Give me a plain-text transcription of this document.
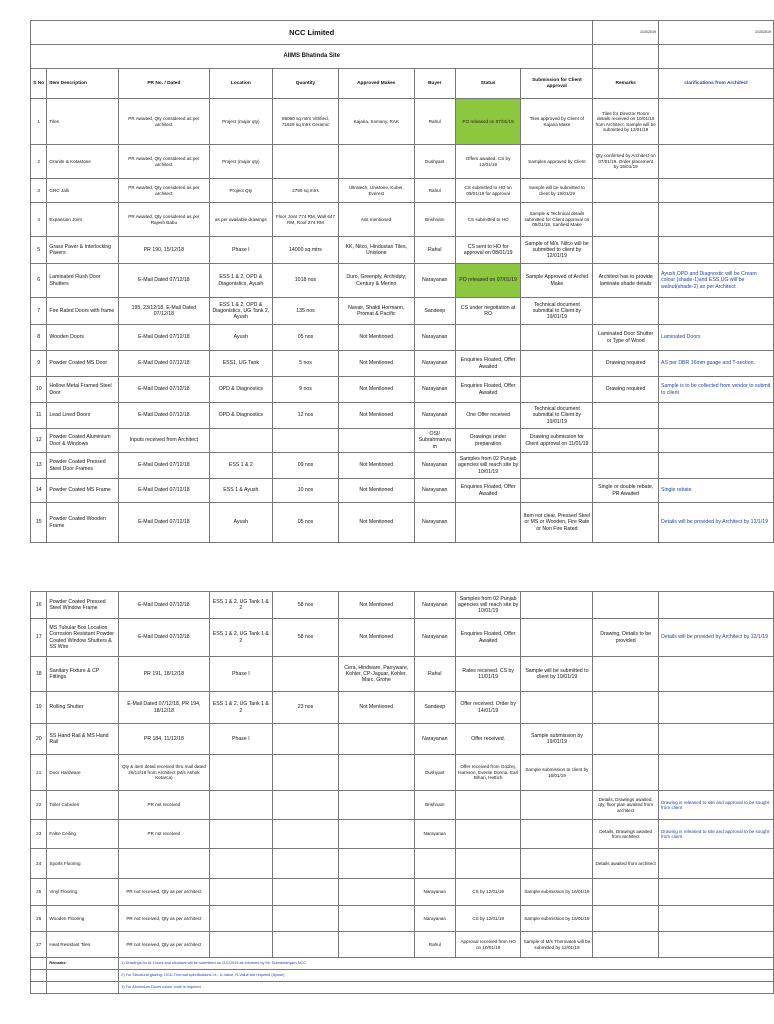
NCC Limited									1/10/2019	1/10/2019
AIIMS Bhatinda Site										
S No	Item Description	PR No. / Dated	Location	Quantity	Approved Makes	Buyer	Status	Submission for Client approval	Remarks	clarifications from Architect
1	Tiles	PR Awaited, Qty considered as per architect	Project (major qty)	86060 sq mtrs Vitrified, 71929 sq mtrs Ceramic	Kajaria, Somany, RAK	Rahul	PO released on 07/01/19	Tiles approved by Client of Kajaria Make	Tiles for Director Room details received on 10/01/19 from Architect. Sample will be submitted by 12/01/19	
2	Granite & Kotastone	PR Awaited, Qty considered as per architect	Project (major qty)			Dushyant	Offers awaited. CS by 12/01/19	Samples approved by Client	Qty confirmed by Architect on 07/01/19. Order placement by 15/01/19	
3	GRC Jalli	PR Awaited, Qty considered as per architect	Project Qty	2790 sq mtrs	Ultratech, Unistone, Kuber, Everest	Rahul	CS submitted to HO on 09/01/19 for approval	Sample will be submitted to client by 19/01/19		
4	Expansion Joint	PR Awaited, Qty considered as per Rajesh Babu	as per available drawings	Floor Joint 774 RM, Wall 647 RM, Roof 274 RM	Not mentioned	Brishnam	CS submitted to HO	Sample & Technical details submitted for Client approval on 05/01/19, Sanfield Make		
5	Grass Paver & Interlocking Pavers	PR 190, 15/12/18	Phase I	14000 sq mtrs	KK, Nitco, Hindustan Tiles, Unistone	Rahul	CS sent to HO for approval on 08/01/19	Sample of M/s. Nitco will be submitted to client by 12/01/19		
6	Laminated Flush Door Shutters	E-Mail Dated 07/12/18	ESS 1 & 2, OPD & Diagonistics, Ayush	1018 nos	Duro, Greenply, Archidply, Century & Merino	Narayanan	PO released on 07/01/19	Sample Approved of Archid Make	Architect has to provide laminate shade details	Ayush,OPD and Diagnostic will be Cream colour (shade-1)and ESS,UG will be walnut(shade-2) as per Architect
7	Fire Rated Doors with frame	195, 23/12/18, E-Mail Dated 07/12/18	ESS 1 & 2, OPD & Diagonistics, UG Tank 2, Ayush	135 nos	Navair, Shakti Hormann, Promat & Pacific	Sandeep	CS under negotiation at RO	Technical document submittal to Client by 19/01/19		
8	Wooden Doors	E-Mail Dated 07/12/18	Ayush	05 nos	Not Mentioned	Narayanan			Laminated Door Shutter or Type of Wood	Laminated Doors
9	Powder Coated MS Door	E-Mail Dated 07/12/18	ESS1, UG Tank	5 nos	Not Mentioned	Narayanan	Enquiries Floated, Offer Awaited		Drawing required	AS per DBR 16mm guage and T-section.
10	Hollow Metal Framed Steel Door	E-Mail Dated 07/12/18	OPD & Diagnostics	9 nos	Not Mentioned	Narayanan	Enquiries Floated, Offer Awaited		Drawing required	Sample is to be collected from vendor to submit to client
11	Lead Lined Doors	E-Mail Dated 07/12/18	OPD & Diagnostics	12 nos	Not Mentioned	Narayanan	One Offer received	Technical document submittal to Client by 19/01/19		
12	Powder Coated Aluminium Door & Windows	Inputs received from Architect				OSI/ Subrahmanyam	Drawings under preparation	Drawing submission for Client approval on 11/01/19		
13	Powder Coated Pressed Steel Door Frames	E-Mail Dated 07/12/18	ESS 1 & 2	09 nos	Not Mentioned	Narayanan	Samples from 02 Punjab agencies will reach site by 10/01/19			
14	Powder Coated MS Frame	E-Mail Dated 07/12/18	ESS 1 & Ayush	10 nos	Not Mentioned	Narayanan	Enquiries Floated, Offer Awaited		Single or double rebate, PR Awaited	Single rebate
15	Powder Coated Wooden Frame	E-Mail Dated 07/12/18	Ayush	05 nos	Not Mentioned	Narayanan		Item not clear, Pressed Steel or MS or Wooden, Fire Rate or Non Fire Rated		Details will be provided by Architect by 12/1/19
16	Powder Coated Pressed Steel Window Frame	E-Mail Dated 07/12/18	ESS 1 & 2, UG Tank 1 & 2	58 nos	Not Mentioned	Narayanan	Samples from 02 Punjab agencies will reach site by 10/01/19			
17	MS Tubular Box Location Corrosion Resistant Powder Coated Window Shutters & SS Wire	E-Mail Dated 07/12/18	ESS 1 & 2, UG Tank 1 & 2	58 nos	Not Mentioned	Narayanan	Enquiries Floated, Offer Awaited		Drawing, Details to be provided	Details will be provided by Architect by 12/1/19
18	Sanitary Fixture & CP Fittings	PR 191, 18/12/18	Phase I		Cera, Hindware, Parryware, Kohler, CP-Jaguar, Kohler, Marc, Grohe	Rahul	Rates received. CS by 11/01/19	Sample will be submitted to client by 19/01/19		
19	Rolling Shutter	E-Mail Dated 07/12/18, PR 194, 18/12/18	ESS 1 & 2, UG Tank 1 & 2	23 nos	Not Mentioned	Sandeep	Offer received. Order by 14/01/19			
20	SS Hand Rail & MS Hand Rail	PR 184, 11/12/18	Phase I			Narayanan	Offer received.	Sample submission by 19/01/19		
21	Door Hardware	Qty & item detail received thru mail dated 26/12/18 from Architect (M/s Ashok Ketarca)				Dushyant	Offer received from Godrej, Harrison, Everite Dorma, Earl Bihari, Hettich	Sample submission to client by 16/01/19		
22	Toilet Cubicles	PR not received				Brishnam			Details, Drawings awaited, qty, floor plan awaited from architect	Drawing is released to site and approval to be sought from client
23	False Ceiling	PR not received				Narayanan			Details, Drawings awaited from architect	Drawing is released to site and approval to be sought from client
24	Sports Flooring								Details awaited from architect	
25	Vinyl Flooring	PR not received, Qty as per architect				Narayanan	CS by 12/01/19	Sample submission by 16/01/19		
26	Wooden Flooring	PR not received, Qty as per architect				Narayanan	CS by 12/01/19	Sample submission by 16/01/19		
27	Heat Resistant Tiles	PR not received, Qty as per architect				Rahul	Approval received from HO on 10/01/19	Sample of M/s Thermatek will be submitted by 12/01/19		
	Remarks:	1) Drawings for Al. Doors and windows will be submitted on 11/1/2019 as informed by Mr. Subramanyam-NCC								
		2) For Structural glazing: OGU-Thermal specifications i.e., U-Value, R-Value are required (Ayush)								
		3) For Aluminium Doors colour code is required.								
